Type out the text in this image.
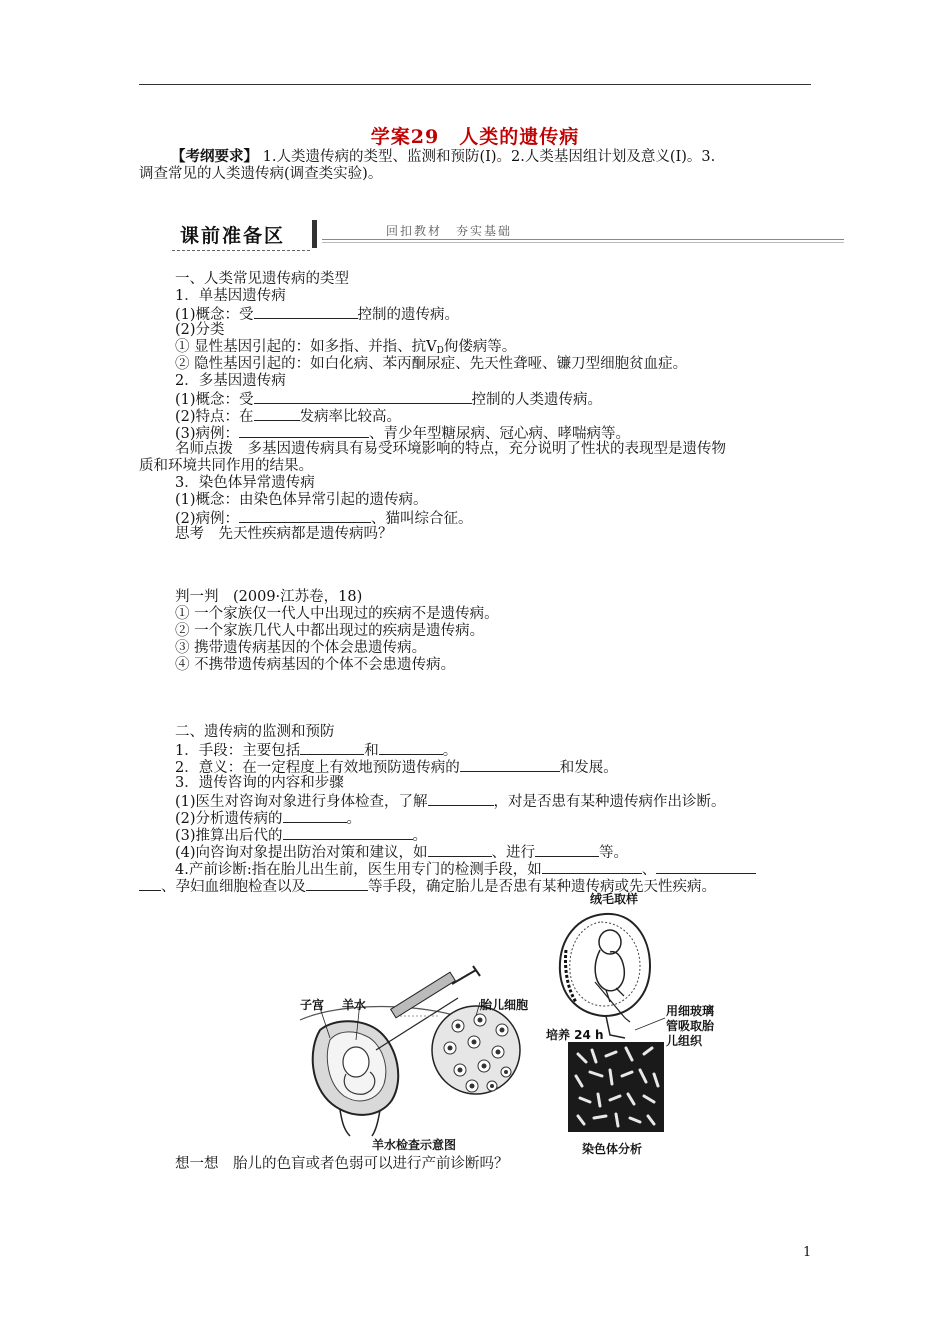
学案29　人类的遗传病
【考纲要求】 1.人类遗传病的类型、监测和预防(Ⅰ)。2.人类基因组计划及意义(Ⅰ)。3.
调查常见的人类遗传病(调查类实验)。
课前准备区	回扣教材　夯实基础
一、人类常见遗传病的类型
1．单基因遗传病
(1)概念：受	控制的遗传病。
(2)分类
① 显性基因引起的：如多指、并指、抗$V_D$佝偻病等。
② 隐性基因引起的：如白化病、苯丙酮尿症、先天性聋哑、镰刀型细胞贫血症。
2．多基因遗传病
(1)概念：受	控制的人类遗传病。
(2)特点：在	发病率比较高。
(3)病例：	、青少年型糖尿病、冠心病、哮喘病等。
名师点拨　多基因遗传病具有易受环境影响的特点，充分说明了性状的表现型是遗传物
质和环境共同作用的结果。
3．染色体异常遗传病
(1)概念：由染色体异常引起的遗传病。
(2)病例：	、猫叫综合征。
思考　先天性疾病都是遗传病吗？
判一判　(2009·江苏卷，18)
① 一个家族仅一代人中出现过的疾病不是遗传病。
② 一个家族几代人中都出现过的疾病是遗传病。
③ 携带遗传病基因的个体会患遗传病。
④ 不携带遗传病基因的个体不会患遗传病。
二、遗传病的监测和预防
1．手段：主要包括	和	。
2．意义：在一定程度上有效地预防遗传病的	和发展。
3．遗传咨询的内容和步骤
(1)医生对咨询对象进行身体检查，了解	，对是否患有某种遗传病作出诊断。
(2)分析遗传病的	。
(3)推算出后代的	。
(4)向咨询对象提出防治对策和建议，如	、进行	等。
4.产前诊断:指在胎儿出生前，医生用专门的检测手段，如	、
、孕妇血细胞检查以及	等手段，确定胎儿是否患有某种遗传病或先天性疾病。
绒毛取样
用细玻璃
管吸取胎
儿组织
培养 24 h
子宫 羊水	胎儿细胞
羊水检查示意图	染色体分析
想一想　胎儿的色盲或者色弱可以进行产前诊断吗？
1
